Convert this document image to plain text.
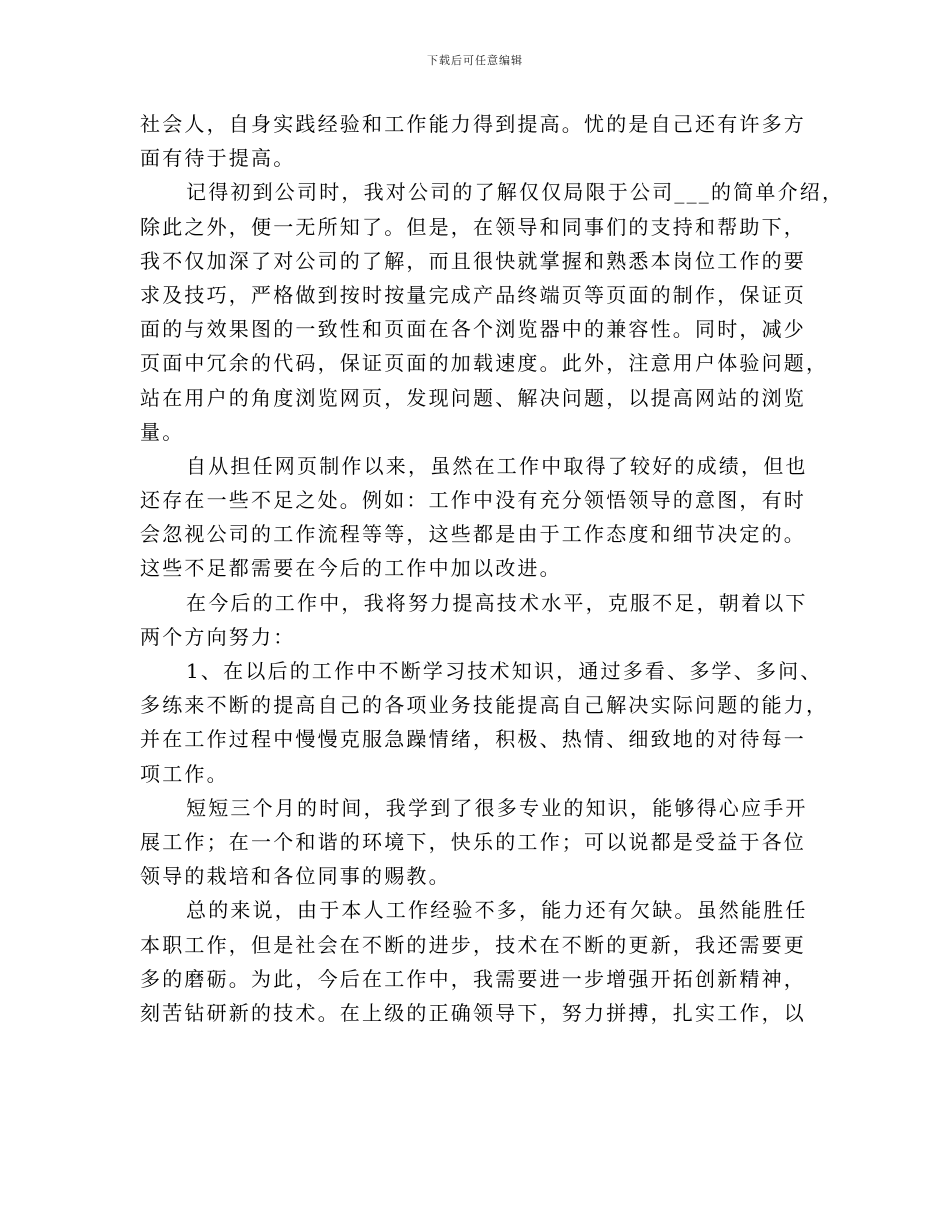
下载后可任意编辑
社会人，自身实践经验和工作能力得到提高。忧的是自己还有许多方
面有待于提高。
记得初到公司时，我对公司的了解仅仅局限于公司___的简单介绍，
除此之外，便一无所知了。但是，在领导和同事们的支持和帮助下，
我不仅加深了对公司的了解，而且很快就掌握和熟悉本岗位工作的要
求及技巧，严格做到按时按量完成产品终端页等页面的制作，保证页
面的与效果图的一致性和页面在各个浏览器中的兼容性。同时，减少
页面中冗余的代码，保证页面的加载速度。此外，注意用户体验问题，
站在用户的角度浏览网页，发现问题、解决问题，以提高网站的浏览
量。
自从担任网页制作以来，虽然在工作中取得了较好的成绩，但也
还存在一些不足之处。例如：工作中没有充分领悟领导的意图，有时
会忽视公司的工作流程等等，这些都是由于工作态度和细节决定的。
这些不足都需要在今后的工作中加以改进。
在今后的工作中，我将努力提高技术水平，克服不足，朝着以下
两个方向努力：
1、在以后的工作中不断学习技术知识，通过多看、多学、多问、
多练来不断的提高自己的各项业务技能提高自己解决实际问题的能力，
并在工作过程中慢慢克服急躁情绪，积极、热情、细致地的对待每一
项工作。
短短三个月的时间，我学到了很多专业的知识，能够得心应手开
展工作；在一个和谐的环境下，快乐的工作；可以说都是受益于各位
领导的栽培和各位同事的赐教。
总的来说，由于本人工作经验不多，能力还有欠缺。虽然能胜任
本职工作，但是社会在不断的进步，技术在不断的更新，我还需要更
多的磨砺。为此，今后在工作中，我需要进一步增强开拓创新精神，
刻苦钻研新的技术。在上级的正确领导下，努力拼搏，扎实工作，以
